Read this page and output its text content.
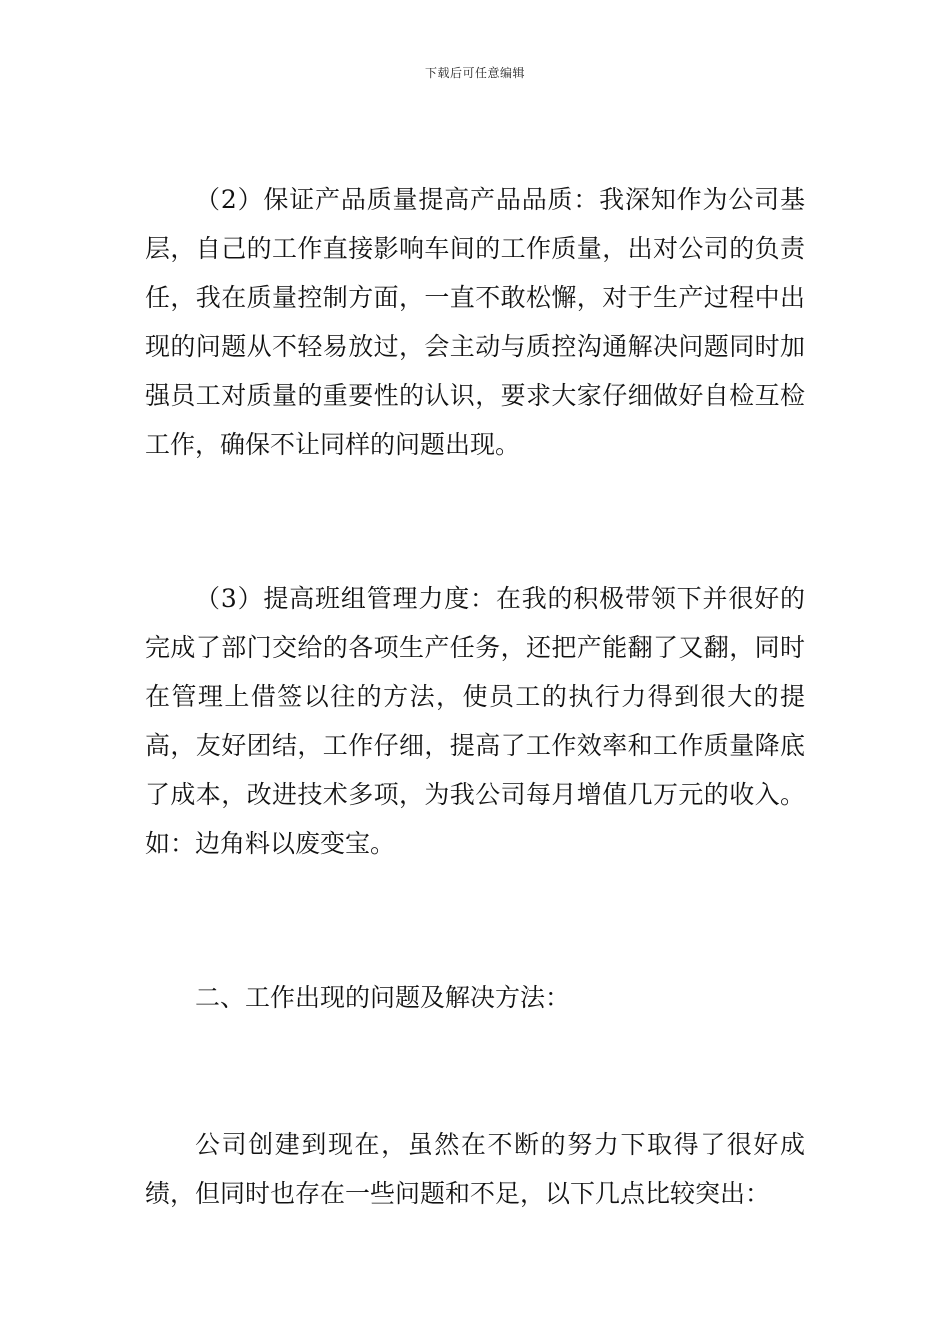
下载后可任意编辑

（2）保证产品质量提高产品品质：我深知作为公司基层，自己的工作直接影响车间的工作质量，出对公司的负责任，我在质量控制方面，一直不敢松懈，对于生产过程中出现的问题从不轻易放过，会主动与质控沟通解决问题同时加强员工对质量的重要性的认识，要求大家仔细做好自检互检工作，确保不让同样的问题出现。

（3）提高班组管理力度：在我的积极带领下并很好的完成了部门交给的各项生产任务，还把产能翻了又翻，同时在管理上借签以往的方法，使员工的执行力得到很大的提高，友好团结，工作仔细，提高了工作效率和工作质量降底了成本，改进技术多项，为我公司每月增值几万元的收入。如：边角料以废变宝。

二、工作出现的问题及解决方法：

公司创建到现在，虽然在不断的努力下取得了很好成绩，但同时也存在一些问题和不足，以下几点比较突出：
